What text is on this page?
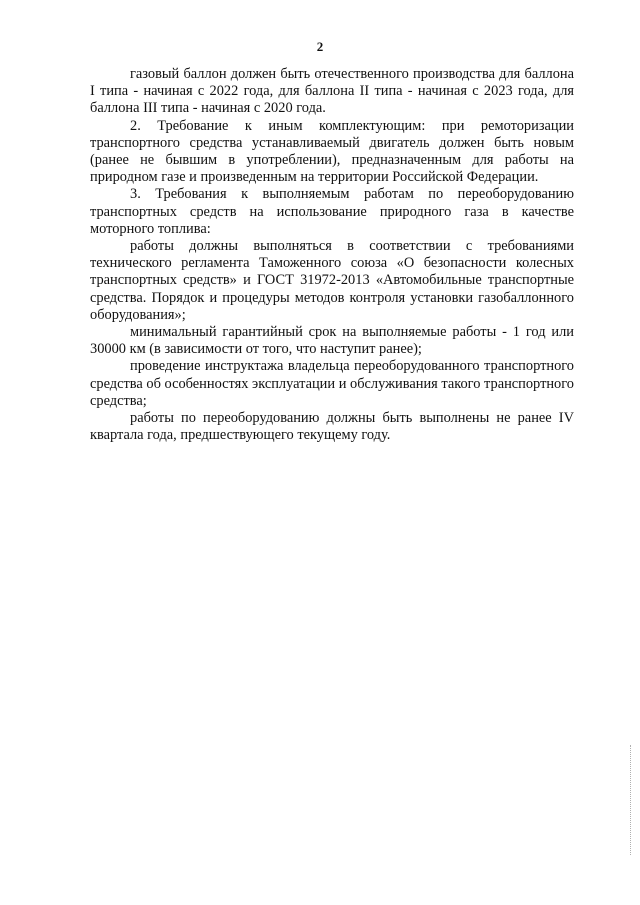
2

газовый баллон должен быть отечественного производства для баллона I типа - начиная с 2022 года, для баллона II типа - начиная с 2023 года, для баллона III типа - начиная с 2020 года.

2. Требование к иным комплектующим: при ремоторизации транспортного средства устанавливаемый двигатель должен быть новым (ранее не бывшим в употреблении), предназначенным для работы на природном газе и произведенным на территории Российской Федерации.

3. Требования к выполняемым работам по переоборудованию транспортных средств на использование природного газа в качестве моторного топлива:

работы должны выполняться в соответствии с требованиями технического регламента Таможенного союза «О безопасности колесных транспортных средств» и ГОСТ 31972-2013 «Автомобильные транспортные средства. Порядок и процедуры методов контроля установки газобаллонного оборудования»;

минимальный гарантийный срок на выполняемые работы - 1 год или 30000 км (в зависимости от того, что наступит ранее);

проведение инструктажа владельца переоборудованного транспортного средства об особенностях эксплуатации и обслуживания такого транспортного средства;

работы по переоборудованию должны быть выполнены не ранее IV квартала года, предшествующего текущему году.
